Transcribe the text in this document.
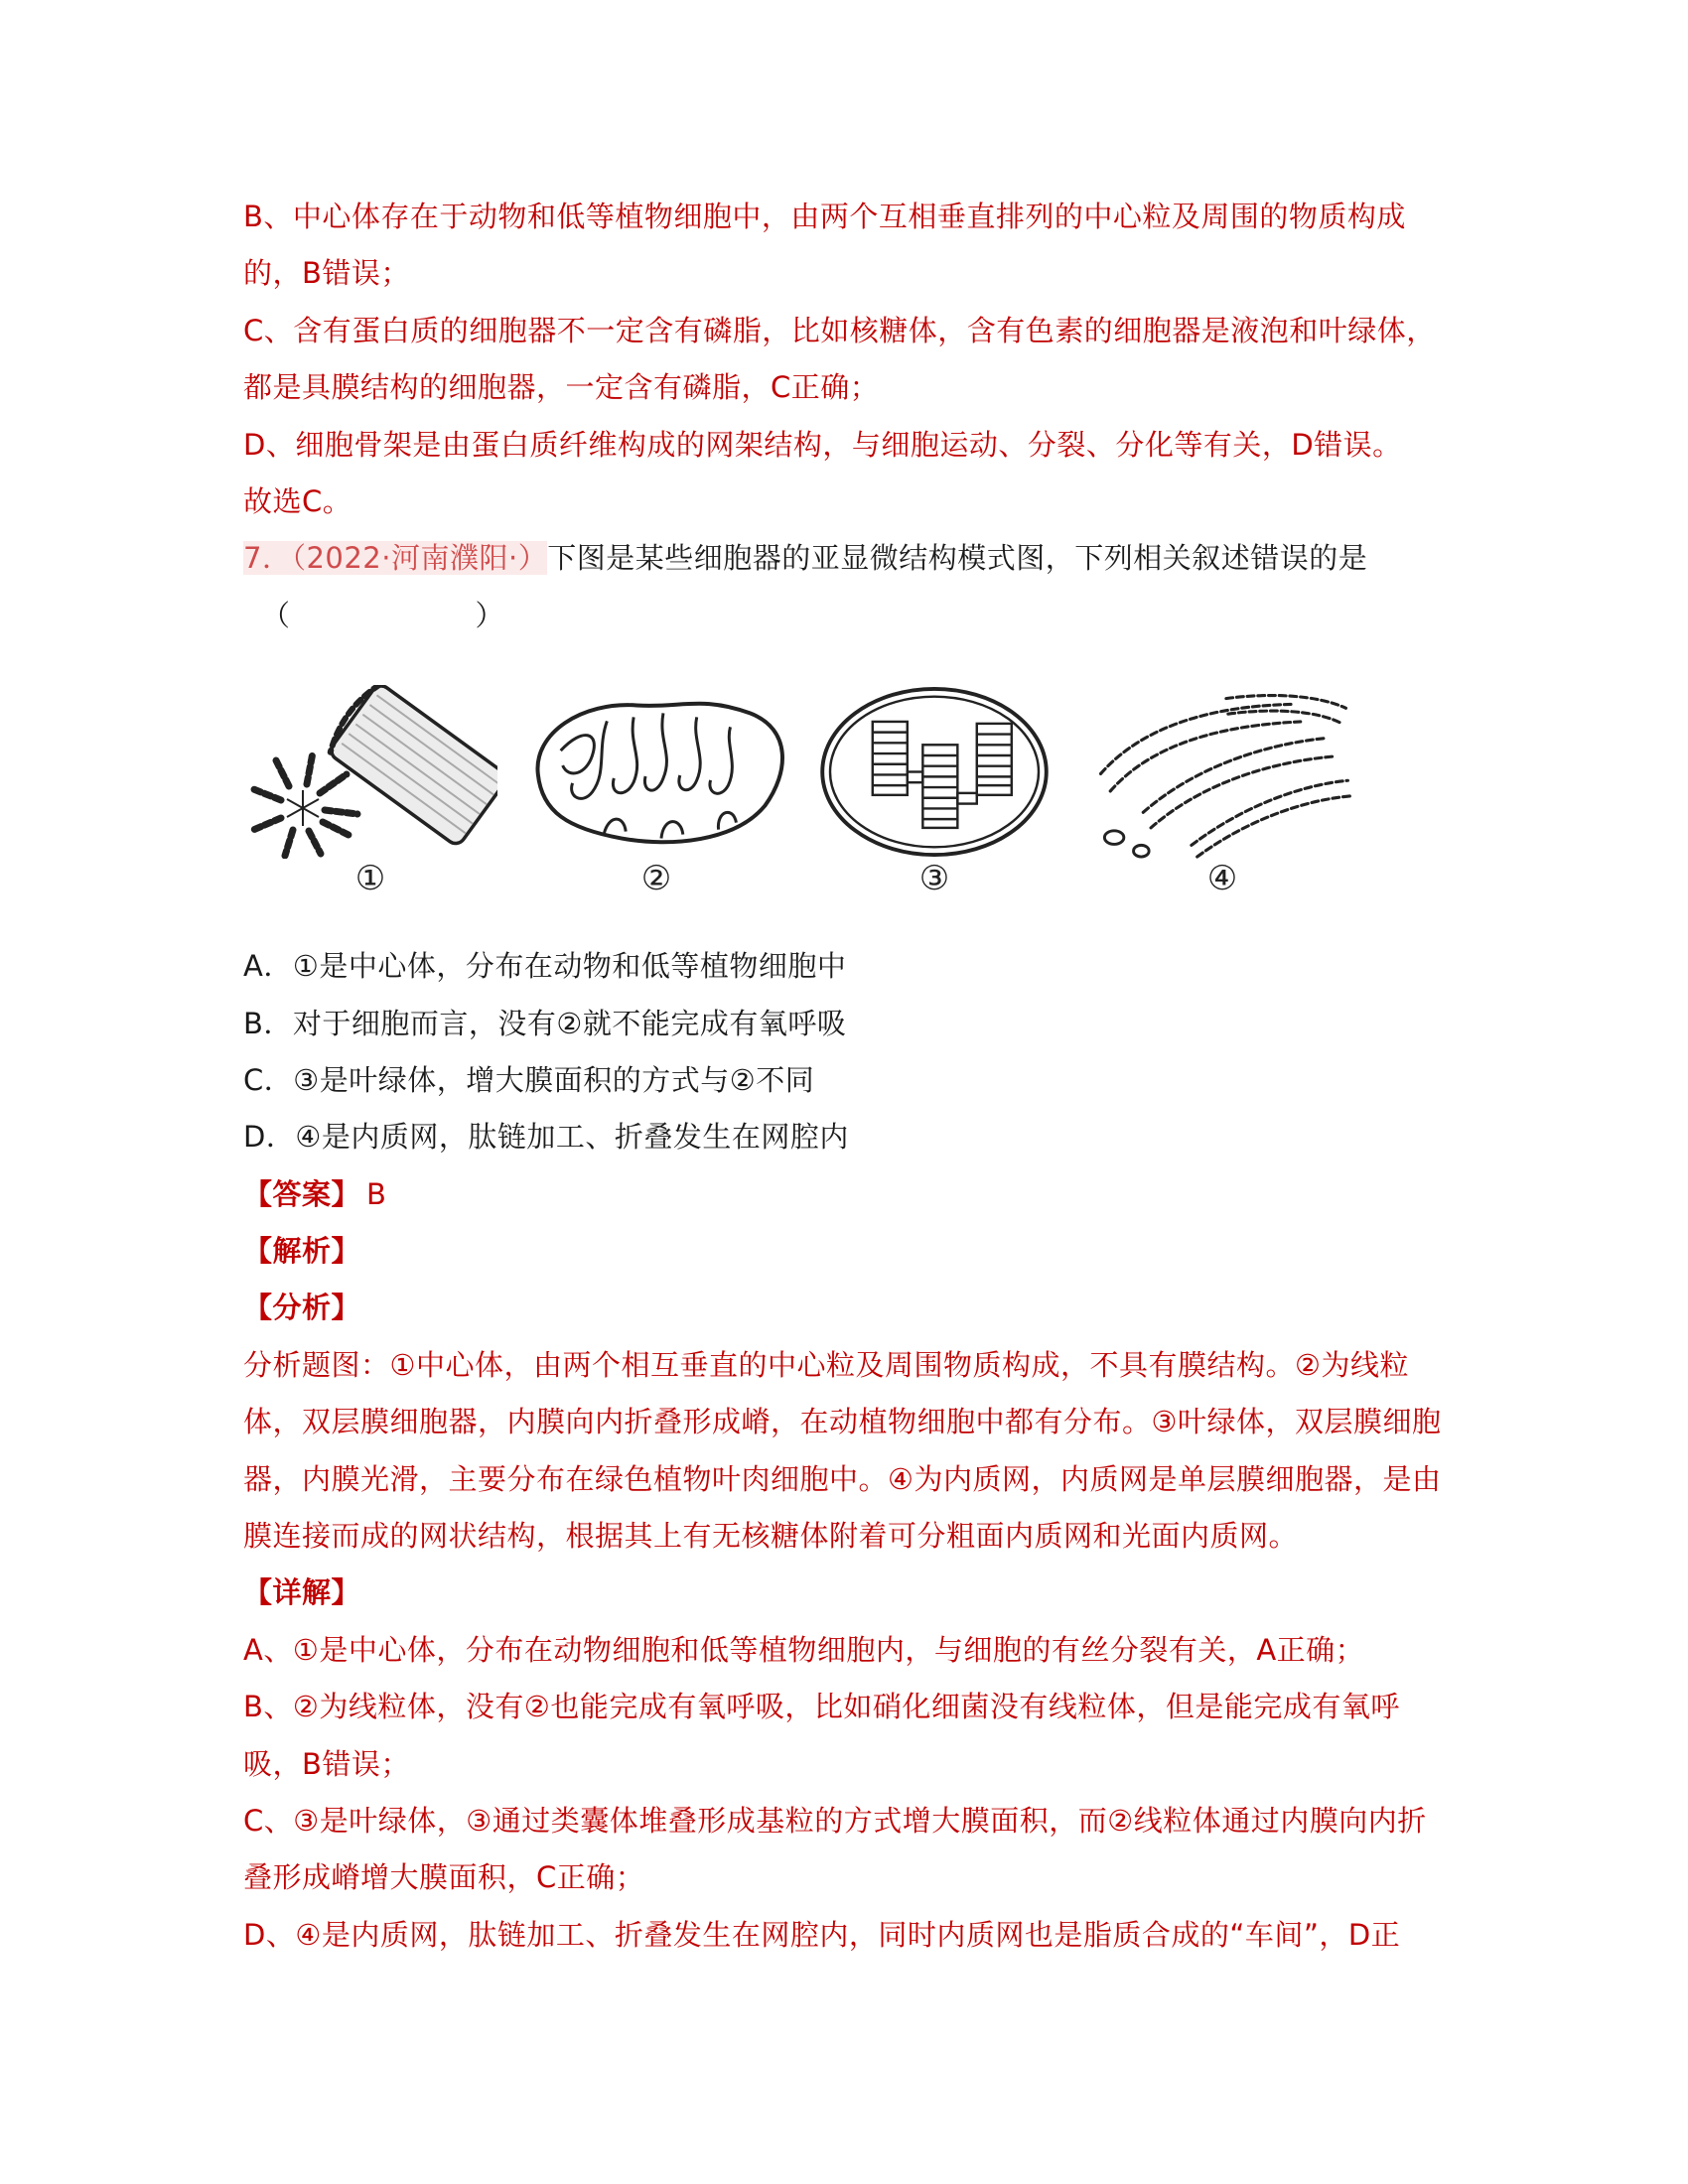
B、中心体存在于动物和低等植物细胞中，由两个互相垂直排列的中心粒及周围的物质构成
的，B错误；
C、含有蛋白质的细胞器不一定含有磷脂，比如核糖体，含有色素的细胞器是液泡和叶绿体，
都是具膜结构的细胞器，一定含有磷脂，C正确；
D、细胞骨架是由蛋白质纤维构成的网架结构，与细胞运动、分裂、分化等有关，D错误。
故选C。
7．（2022·河南濮阳·）下图是某些细胞器的亚显微结构模式图，下列相关叙述错误的是
（	）
①	②	③	④
A．①是中心体，分布在动物和低等植物细胞中
B．对于细胞而言，没有②就不能完成有氧呼吸
C．③是叶绿体，增大膜面积的方式与②不同
D．④是内质网，肽链加工、折叠发生在网腔内
【答案】 B
【解析】
【分析】
分析题图：①中心体，由两个相互垂直的中心粒及周围物质构成，不具有膜结构。②为线粒
体，双层膜细胞器，内膜向内折叠形成嵴，在动植物细胞中都有分布。③叶绿体，双层膜细胞
器，内膜光滑，主要分布在绿色植物叶肉细胞中。④为内质网，内质网是单层膜细胞器，是由
膜连接而成的网状结构，根据其上有无核糖体附着可分粗面内质网和光面内质网。
【详解】
A、①是中心体，分布在动物细胞和低等植物细胞内，与细胞的有丝分裂有关，A正确；
B、②为线粒体，没有②也能完成有氧呼吸，比如硝化细菌没有线粒体，但是能完成有氧呼
吸，B错误；
C、③是叶绿体，③通过类囊体堆叠形成基粒的方式增大膜面积，而②线粒体通过内膜向内折
叠形成嵴增大膜面积，C正确；
D、④是内质网，肽链加工、折叠发生在网腔内，同时内质网也是脂质合成的“车间”，D正
